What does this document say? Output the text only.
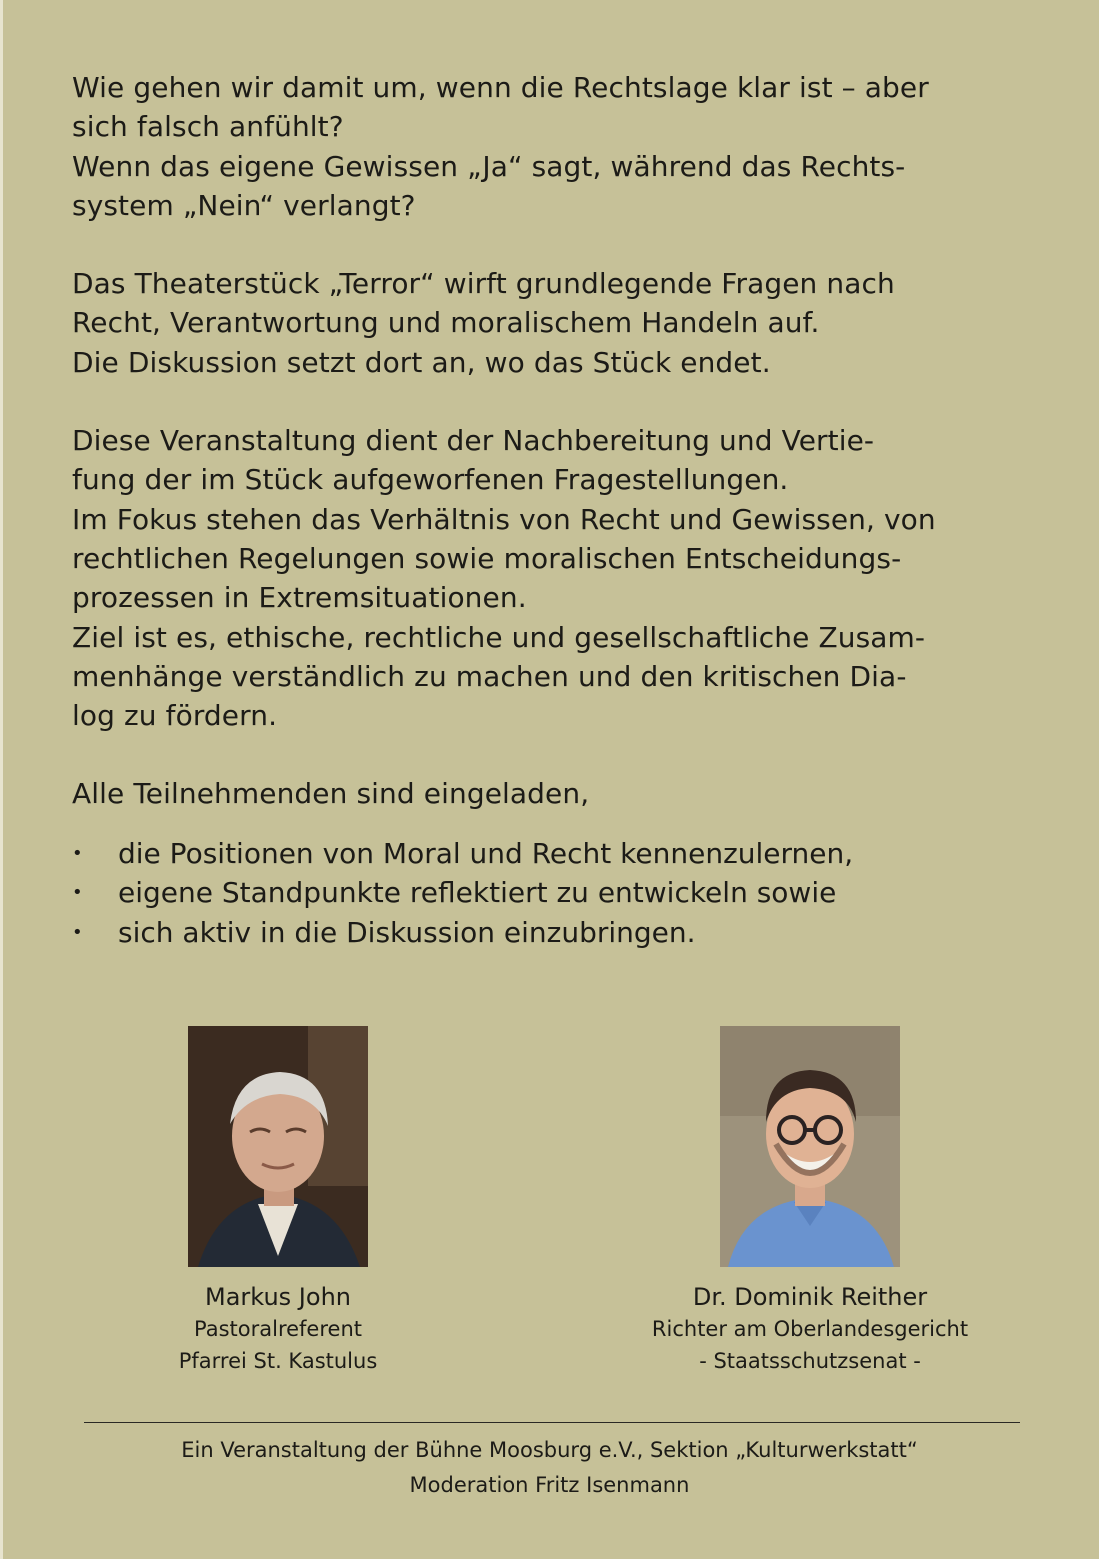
Wie gehen wir damit um, wenn die Rechtslage klar ist – aber
sich falsch anfühlt?
Wenn das eigene Gewissen „Ja“ sagt, während das Rechts-
system „Nein“ verlangt?
Das Theaterstück „Terror“ wirft grundlegende Fragen nach
Recht, Verantwortung und moralischem Handeln auf.
Die Diskussion setzt dort an, wo das Stück endet.
Diese Veranstaltung dient der Nachbereitung und Vertie-
fung der im Stück aufgeworfenen Fragestellungen.
Im Fokus stehen das Verhältnis von Recht und Gewissen, von
rechtlichen Regelungen sowie moralischen Entscheidungs-
prozessen in Extremsituationen.
Ziel ist es, ethische, rechtliche und gesellschaftliche Zusam-
menhänge verständlich zu machen und den kritischen Dia-
log zu fördern.
Alle Teilnehmenden sind eingeladen,
• die Positionen von Moral und Recht kennenzulernen,
• eigene Standpunkte reflektiert zu entwickeln sowie
• sich aktiv in die Diskussion einzubringen.
Markus John
Pastoralreferent
Pfarrei St. Kastulus
Dr. Dominik Reither
Richter am Oberlandesgericht
- Staatsschutzsenat -
Ein Veranstaltung der Bühne Moosburg e.V., Sektion „Kulturwerkstatt“
Moderation Fritz Isenmann
